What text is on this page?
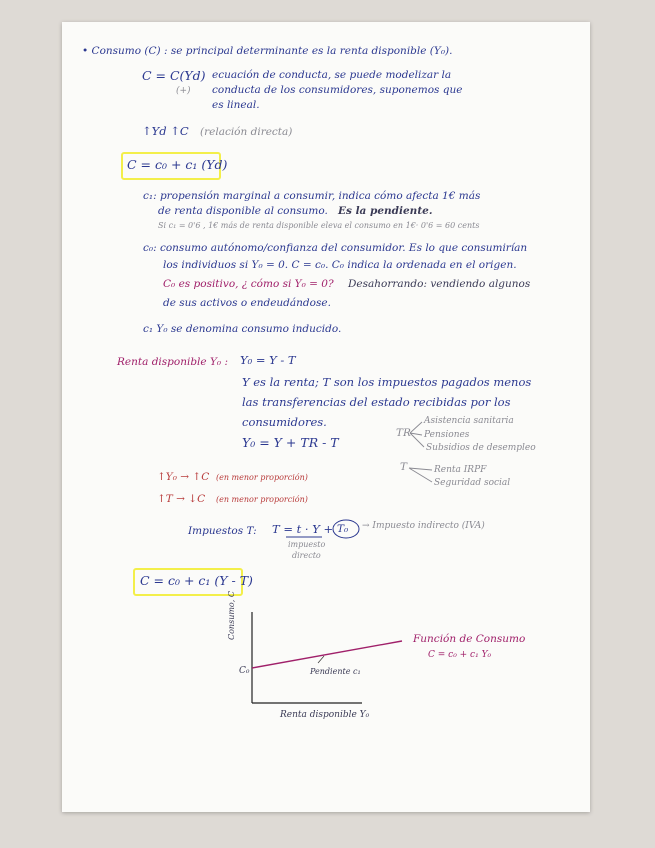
• Consumo (C) : se principal determinante es la renta disponible (Y₀).
C = C(Yd)
(+)
ecuación de conducta, se puede modelizar la
conducta de los consumidores, suponemos que
es lineal.
↑Yd ↑C (relación directa)
C = c₀ + c₁ (Yd)
c₁: propensión marginal a consumir, indica cómo afecta 1€ más
de renta disponible al consumo. Es la pendiente.
Si c₁ = 0'6 , 1€ más de renta disponible eleva el consumo en 1€· 0'6 = 60 cents
c₀: consumo autónomo/confianza del consumidor. Es lo que consumirían
los individuos si Y₀ = 0. C = c₀. C₀ indica la ordenada en el origen.
C₀ es positivo, ¿ cómo si Y₀ = 0? Desahorrando: vendiendo algunos
de sus activos o endeudándose.
c₁ Y₀ se denomina consumo inducido.
Renta disponible Y₀ : Y₀ = Y - T
Y es la renta; T son los impuestos pagados menos
las transferencias del estado recibidas por los
consumidores.
Y₀ = Y + TR - T
TR
Asistencia sanitaria
Pensiones
Subsidios de desempleo
T	Renta IRPF
Seguridad social
↑Y₀ → ↑C (en menor proporción)
↑T → ↓C (en menor proporción)
Impuestos T: T = t · Y + T₀ → Impuesto indirecto (IVA)
impuesto
directo
C = c₀ + c₁ (Y - T)
Consumo, C
C₀	Pendiente c₁
Renta disponible Y₀
Función de Consumo
C = c₀ + c₁ Y₀
